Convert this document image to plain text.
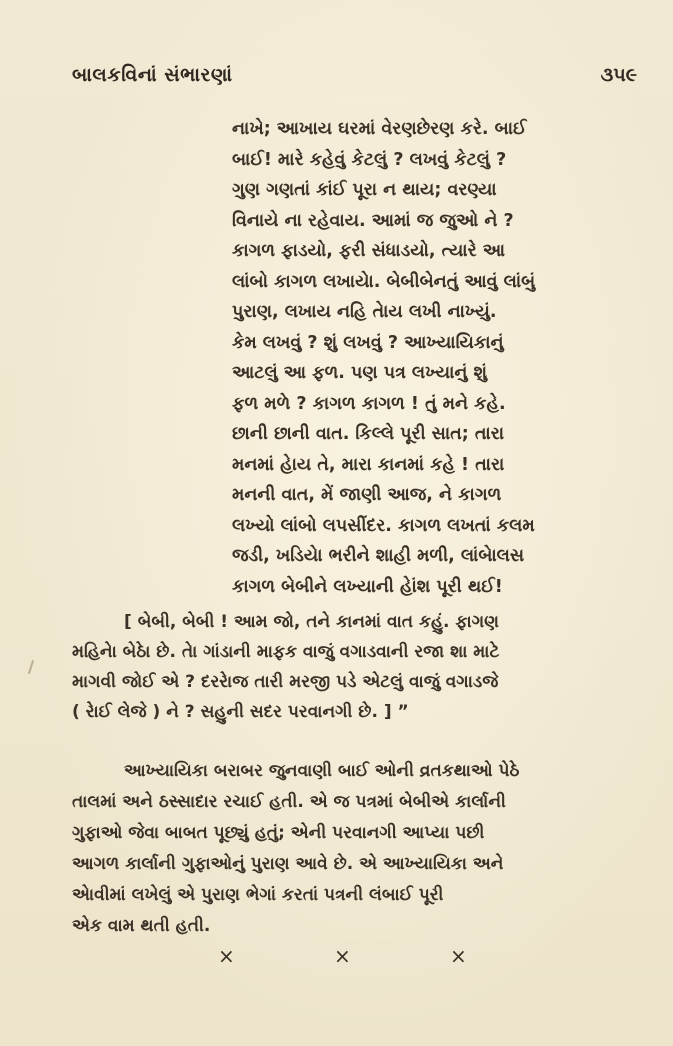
બાલકવિનાં સંભારણાં	૩૫૯
નાખે; આખાય ઘરમાં વેરણછેરણ કરે. બાઈ
બાઈ! મારે કહેવું કેટલું ? લખવું કેટલું ?
ગુણ ગણતાં કાંઈ પૂરા ન થાય; વરણ્યા
વિનાયે ના રહેવાય. આમાં જ જુઓ ને ?
કાગળ ફાડયો, ફરી સંધાડયો, ત્યારે આ
લાંબો કાગળ લખાયેા. બેબીબેનતું આવું લાંબું
પુરાણ, લખાય નહિ તેાય લખી નાખ્યું.
કેમ લખવું ? શું લખવું ? આખ્યાયિકાનું
આટલું આ ફળ. પણ પત્ર લખ્યાનું શું
ફળ મળે ? કાગળ કાગળ ! તું મને કહે.
છાની છાની વાત. કિલ્લે પૂરી સાત; તારા
મનમાં હેાય તે, મારા કાનમાં કહે ! તારા
મનની વાત, મેં જાણી આજ, ને કાગળ
લખ્યો લાંબો લપસીંદર. કાગળ લખતાં કલમ
જડી, ખડિયેા ભરીને શાહી મળી, લાંબેાલસ
કાગળ બેબીને લખ્યાની હેાંશ પૂરી થઈ!
[ બેબી, બેબી ! આમ જો, તને કાનમાં વાત કહું. ફાગણ
મહિનેા બેઠેા છે. તેા ગાંડાની માફક વાજું વગાડવાની રજા શા માટે
માગવી જોઈ એ ? દરરેાજ તારી મરજી પડે એટલું વાજું વગાડજે
( રેાઈ લેજે ) ને ? સહુની સદર પરવાનગી છે. ] ”
આખ્યાયિકા બરાબર જુનવાણી બાઈ ઓની વ્રતકથાઓ પેઠે
તાલમાં અને ઠસ્સાદાર રચાઈ હતી. એ જ પત્રમાં બેબીએ કાર્લાની
ગુફાઓ જેવા બાબત પૂછ્યું હતું; એની પરવાનગી આપ્યા પછી
આગળ કાર્લાની ગુફાઓનું પુરાણ આવે છે. એ આખ્યાયિકા અને
એાવીમાં લખેલું એ પુરાણ ભેગાં કરતાં પત્રની લંબાઈ પૂરી
એક વામ થતી હતી.
×	×	×
